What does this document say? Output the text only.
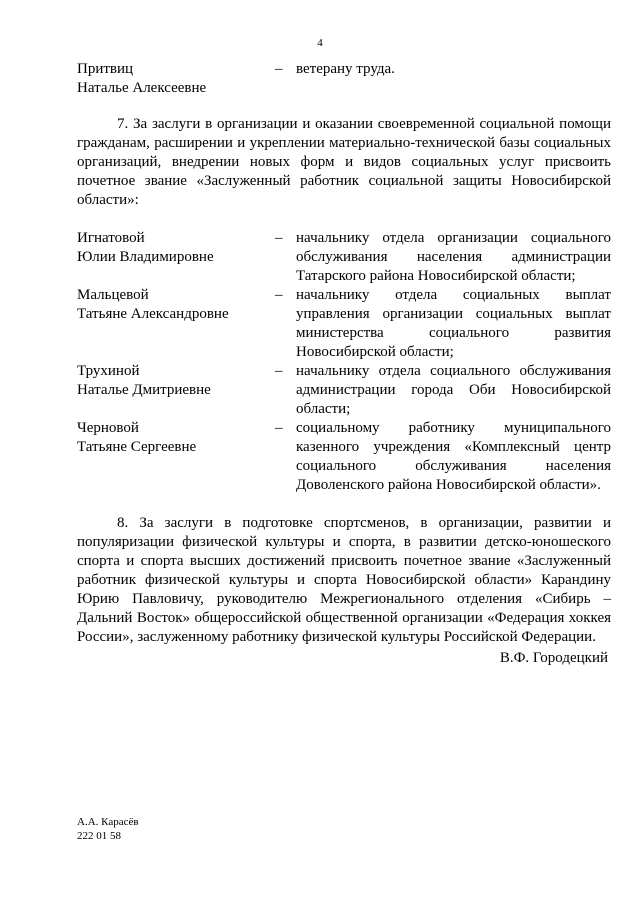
4
Притвиц
Наталье Алексеевне
– ветерану труда.

7. За заслуги в организации и оказании своевременной социальной помощи гражданам, расширении и укреплении материально-технической базы социальных организаций, внедрении новых форм и видов социальных услуг присвоить почетное звание «Заслуженный работник социальной защиты Новосибирской области»:

Игнатовой
Юлии Владимировне
– начальнику отдела организации социального обслуживания населения администрации Татарского района Новосибирской области;
Мальцевой
Татьяне Александровне
– начальнику отдела социальных выплат управления организации социальных выплат министерства социального развития Новосибирской области;
Трухиной
Наталье Дмитриевне
– начальнику отдела социального обслуживания администрации города Оби Новосибирской области;
Черновой
Татьяне Сергеевне
– социальному работнику муниципального казенного учреждения «Комплексный центр социального обслуживания населения Доволенского района Новосибирской области».

8. За заслуги в подготовке спортсменов, в организации, развитии и популяризации физической культуры и спорта, в развитии детско-юношеского спорта и спорта высших достижений присвоить почетное звание «Заслуженный работник физической культуры и спорта Новосибирской области» Карандину Юрию Павловичу, руководителю Межрегионального отделения «Сибирь – Дальний Восток» общероссийской общественной организации «Федерация хоккея России», заслуженному работнику физической культуры Российской Федерации.

В.Ф. Городецкий
А.А. Карасёв
222 01 58
